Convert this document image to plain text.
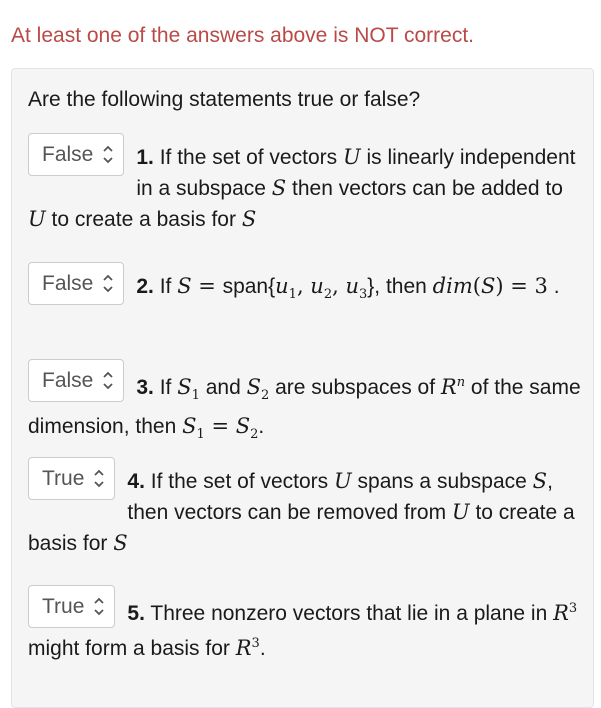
At least one of the answers above is NOT correct.
Are the following statements true or false?
False	1. If the set of vectors U is linearly independent in a subspace S then vectors can be added to U to create a basis for S
False	2. If $S = span\{u_1$, $u_2$, $u_3$}, then dim(S) = 3 .
False	3. If $S_1$ and $S_2$ are subspaces of $R^n$ of the same dimension, then $S_1 = S_2$.
True	4. If the set of vectors U spans a subspace S, then vectors can be removed from U to create a basis for S
True	5. Three nonzero vectors that lie in a plane in $R^3$ might form a basis for $R^3$.
